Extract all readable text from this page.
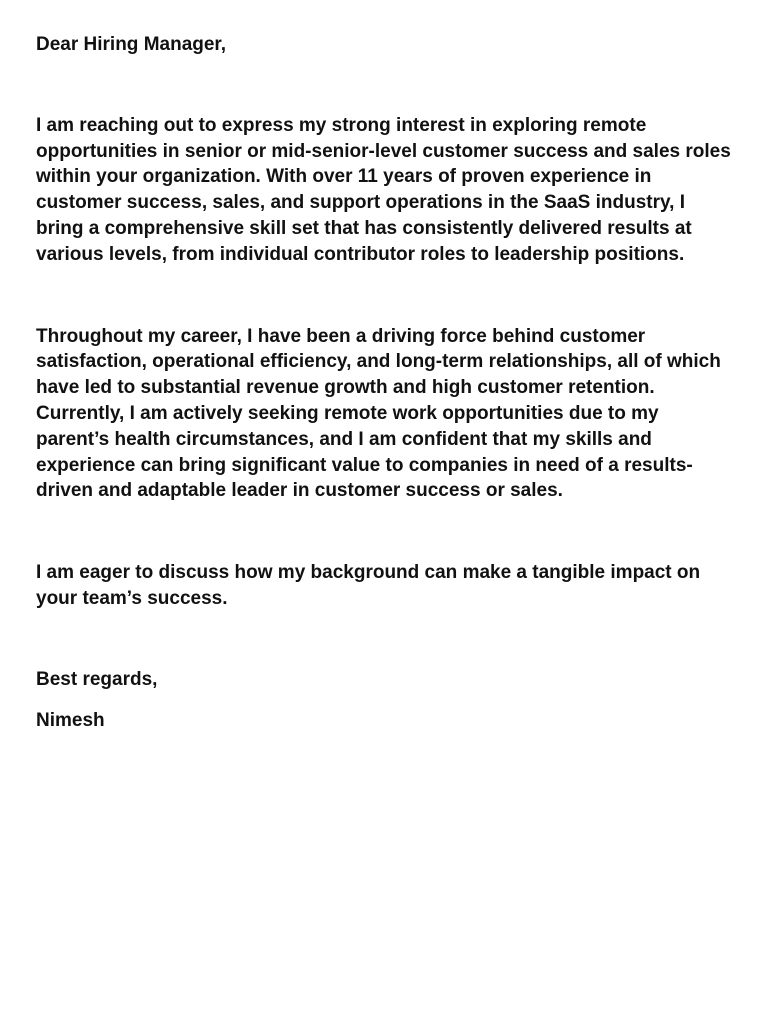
Dear Hiring Manager,

I am reaching out to express my strong interest in exploring remote opportunities in senior or mid-senior-level customer success and sales roles within your organization. With over 11 years of proven experience in customer success, sales, and support operations in the SaaS industry, I bring a comprehensive skill set that has consistently delivered results at various levels, from individual contributor roles to leadership positions.

Throughout my career, I have been a driving force behind customer satisfaction, operational efficiency, and long-term relationships, all of which have led to substantial revenue growth and high customer retention. Currently, I am actively seeking remote work opportunities due to my parent’s health circumstances, and I am confident that my skills and experience can bring significant value to companies in need of a results-driven and adaptable leader in customer success or sales.

I am eager to discuss how my background can make a tangible impact on your team’s success.

Best regards,

Nimesh
